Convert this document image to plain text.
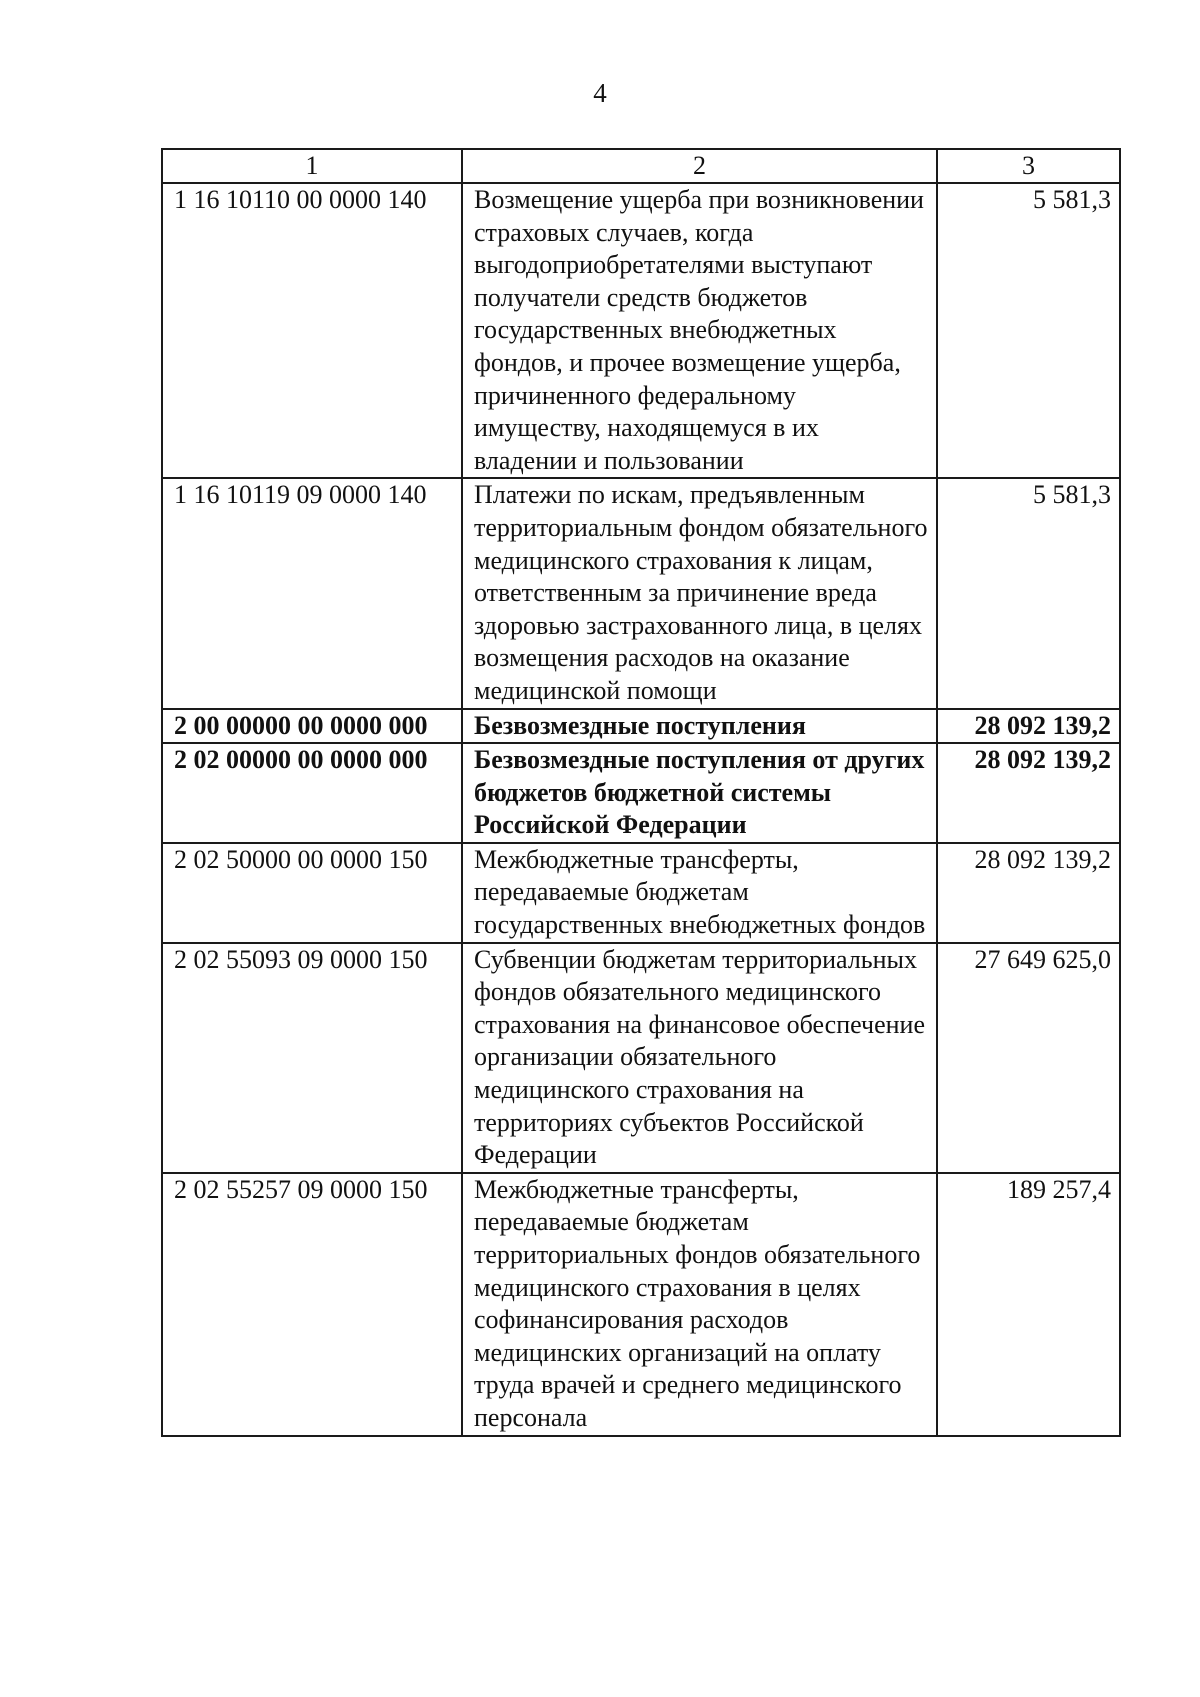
4
1	2	3
1 16 10110 00 0000 140	Возмещение ущерба при возникновении страховых случаев, когда выгодоприобретателями выступают получатели средств бюджетов государственных внебюджетных фондов, и прочее возмещение ущерба, причиненного федеральному имуществу, находящемуся в их владении и пользовании	5 581,3
1 16 10119 09 0000 140	Платежи по искам, предъявленным территориальным фондом обязательного медицинского страхования к лицам, ответственным за причинение вреда здоровью застрахованного лица, в целях возмещения расходов на оказание медицинской помощи	5 581,3
2 00 00000 00 0000 000	Безвозмездные поступления	28 092 139,2
2 02 00000 00 0000 000	Безвозмездные поступления от других бюджетов бюджетной системы Российской Федерации	28 092 139,2
2 02 50000 00 0000 150	Межбюджетные трансферты, передаваемые бюджетам государственных внебюджетных фондов	28 092 139,2
2 02 55093 09 0000 150	Субвенции бюджетам территориальных фондов обязательного медицинского страхования на финансовое обеспечение организации обязательного медицинского страхования на территориях субъектов Российской Федерации	27 649 625,0
2 02 55257 09 0000 150	Межбюджетные трансферты, передаваемые бюджетам территориальных фондов обязательного медицинского страхования в целях софинансирования расходов медицинских организаций на оплату труда врачей и среднего медицинского персонала	189 257,4
